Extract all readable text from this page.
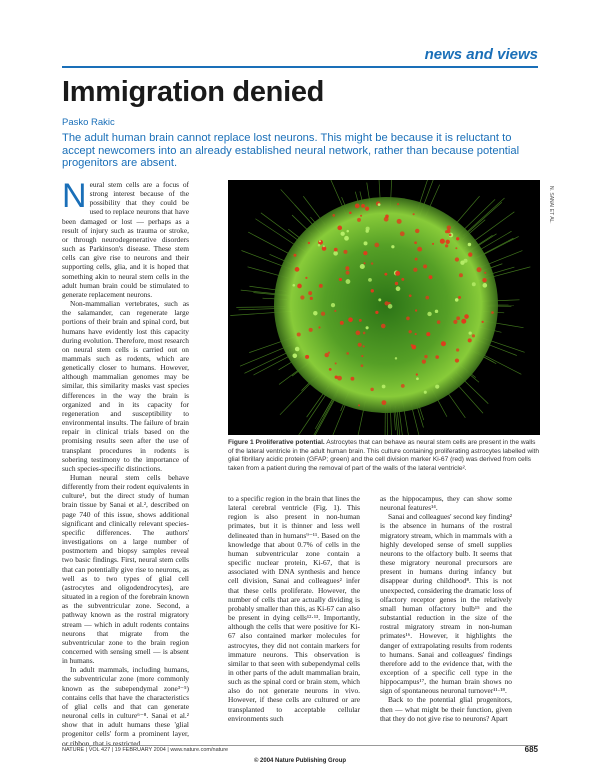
news and views
Immigration denied
Pasko Rakic
The adult human brain cannot replace lost neurons. This might be because it is reluctant to accept newcomers into an already established neural network, rather than because potential progenitors are absent.

Neural stem cells are a focus of strong interest because of the possibility that they could be used to replace neurons that have been damaged or lost — perhaps as a result of injury such as trauma or stroke, or through neurodegenerative disorders such as Parkinson's disease. These stem cells can give rise to neurons and their supporting cells, glia, and it is hoped that something akin to neural stem cells in the adult human brain could be stimulated to generate replacement neurons.

Non-mammalian vertebrates, such as the salamander, can regenerate large portions of their brain and spinal cord, but humans have evidently lost this capacity during evolution. Therefore, most research on neural stem cells is carried out on mammals such as rodents, which are genetically closer to humans. However, although mammalian genomes may be similar, this similarity masks vast species differences in the way the brain is organized and in its capacity for regeneration and susceptibility to environmental insults. The failure of brain repair in clinical trials based on the promising results seen after the use of transplant procedures in rodents is sobering testimony to the importance of such species-specific distinctions.

Human neural stem cells behave differently from their rodent equivalents in culture¹, but the direct study of human brain tissue by Sanai et al.², described on page 740 of this issue, shows additional significant and clinically relevant species-specific differences. The authors' investigations on a large number of postmortem and biopsy samples reveal two basic findings. First, neural stem cells that can potentially give rise to neurons, as well as to two types of glial cell (astrocytes and oligodendrocytes), are situated in a region of the forebrain known as the subventricular zone. Second, a pathway known as the rostral migratory stream — which in adult rodents contains neurons that migrate from the subventricular zone to the brain region concerned with sensing smell — is absent in humans.

In adult mammals, including humans, the subventricular zone (more commonly known as the subependymal zone³⁻⁵) contains cells that have the characteristics of glial cells and that can generate neuronal cells in culture⁶⁻⁸. Sanai et al.² show that in adult humans these 'glial progenitor cells' form a prominent layer, or ribbon, that is restricted

N. SANAI ET AL.
Figure 1 Proliferative potential. Astrocytes that can behave as neural stem cells are present in the walls of the lateral ventricle in the adult human brain. This culture containing proliferating astrocytes labelled with glial fibrillary acidic protein (GFAP; green) and the cell division marker Ki-67 (red) was derived from cells taken from a patient during the removal of part of the walls of the lateral ventricle².

to a specific region in the brain that lines the lateral cerebral ventricle (Fig. 1). This region is also present in non-human primates, but it is thinner and less well delineated than in humans⁹⁻¹¹. Based on the knowledge that about 0.7% of cells in the human subventricular zone contain a specific nuclear protein, Ki-67, that is associated with DNA synthesis and hence cell division, Sanai and colleagues² infer that these cells proliferate. However, the number of cells that are actually dividing is probably smaller than this, as Ki-67 can also be present in dying cells¹²·¹³. Importantly, although the cells that were positive for Ki-67 also contained marker molecules for astrocytes, they did not contain markers for immature neurons. This observation is similar to that seen with subependymal cells in other parts of the adult mammalian brain, such as the spinal cord or brain stem, which also do not generate neurons in vivo. However, if these cells are cultured or are transplanted to acceptable cellular environments such

as the hippocampus, they can show some neuronal features¹⁴.

Sanai and colleagues' second key finding² is the absence in humans of the rostral migratory stream, which in mammals with a highly developed sense of smell supplies neurons to the olfactory bulb. It seems that these migratory neuronal precursors are present in humans during infancy but disappear during childhood⁸. This is not unexpected, considering the dramatic loss of olfactory receptor genes in the relatively small human olfactory bulb¹⁵ and the substantial reduction in the size of the rostral migratory stream in non-human primates¹⁶. However, it highlights the danger of extrapolating results from rodents to humans. Sanai and colleagues' findings therefore add to the evidence that, with the exception of a specific cell type in the hippocampus¹⁷, the human brain shows no sign of spontaneous neuronal turnover¹¹·¹⁸.

Back to the potential glial progenitors, then — what might be their function, given that they do not give rise to neurons? Apart

NATURE | VOL 427 | 19 FEBRUARY 2004 | www.nature.com/nature	685
© 2004 Nature Publishing Group
